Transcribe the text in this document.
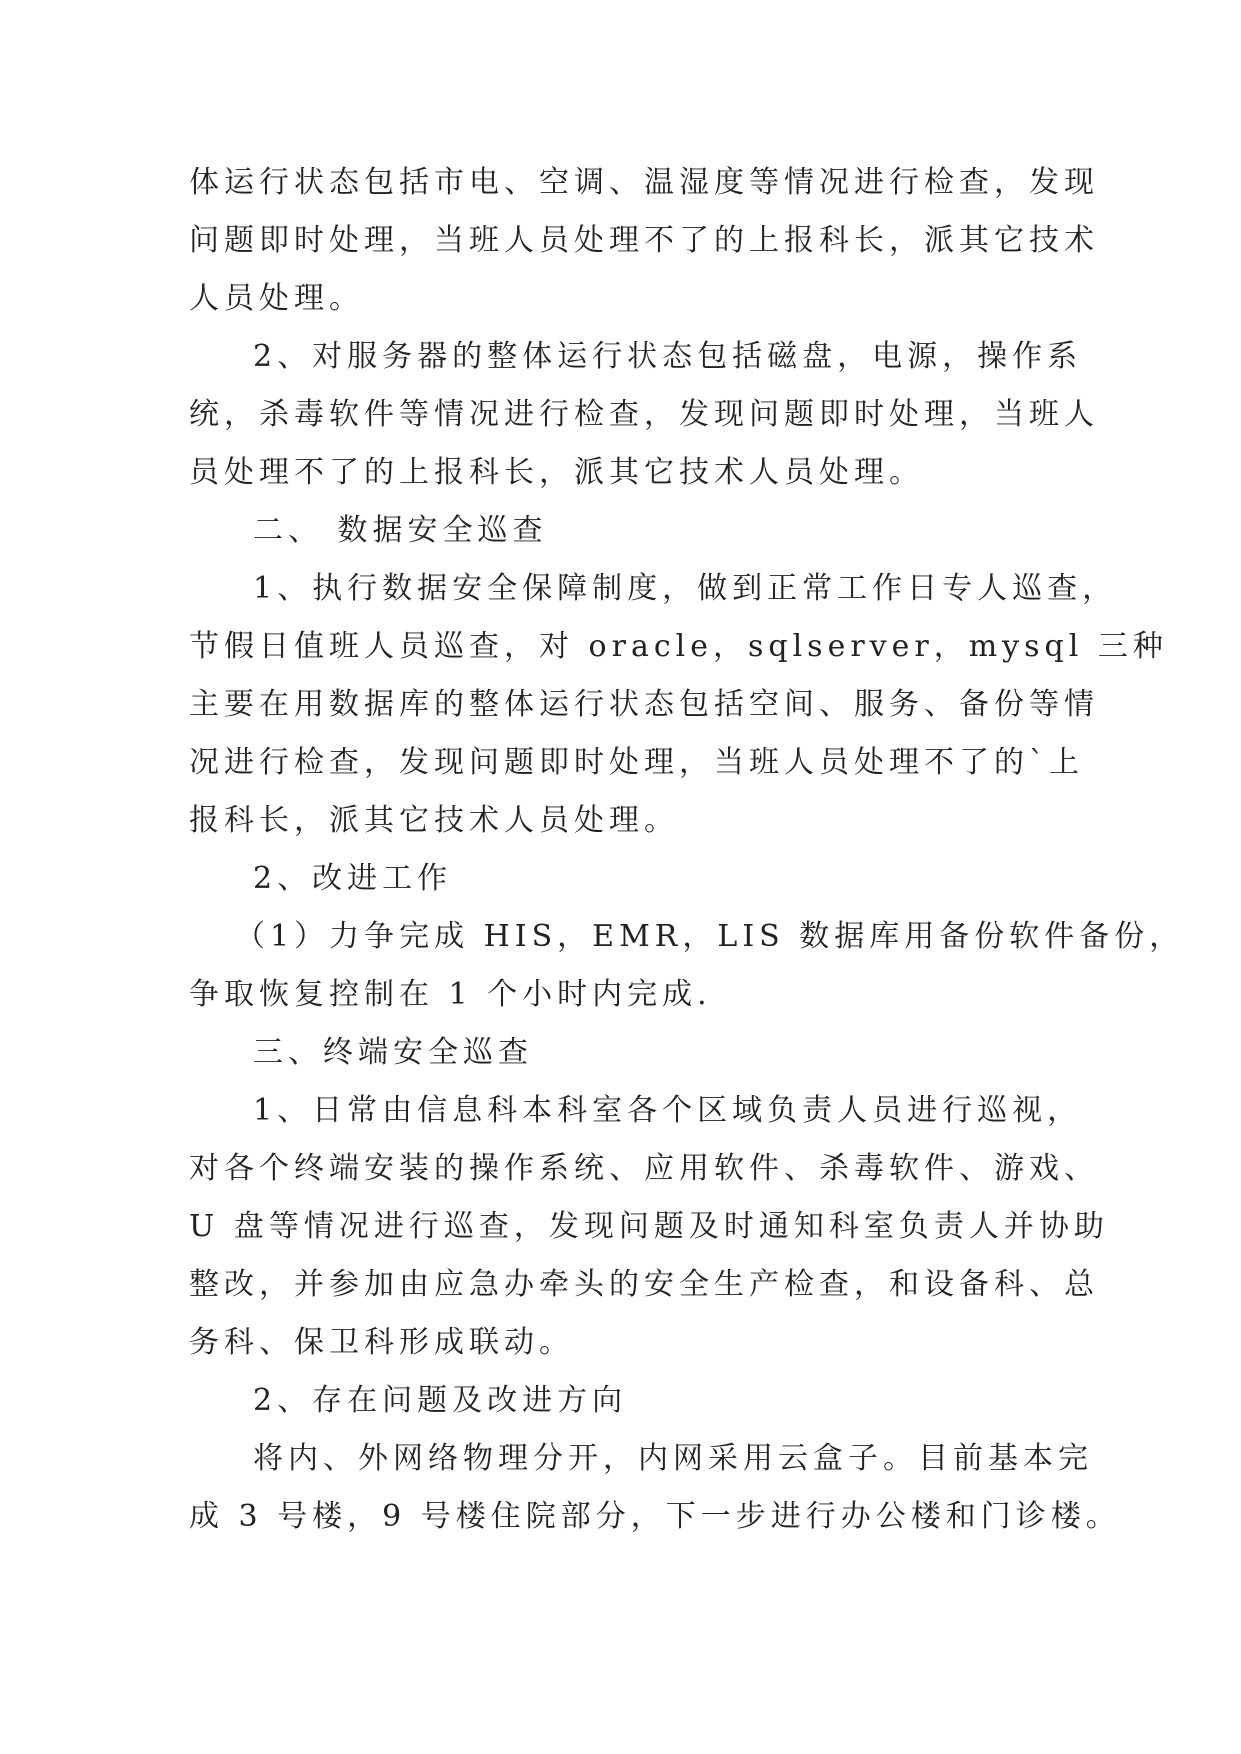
体运行状态包括市电、空调、温湿度等情况进行检查，发现
问题即时处理，当班人员处理不了的上报科长，派其它技术
人员处理。
2、对服务器的整体运行状态包括磁盘，电源，操作系
统，杀毒软件等情况进行检查，发现问题即时处理，当班人
员处理不了的上报科长，派其它技术人员处理。
二、 数据安全巡查
1、执行数据安全保障制度，做到正常工作日专人巡查，
节假日值班人员巡查，对 oracle，sqlserver，mysql 三种
主要在用数据库的整体运行状态包括空间、服务、备份等情
况进行检查，发现问题即时处理，当班人员处理不了的`上
报科长，派其它技术人员处理。
2、改进工作
（1）力争完成 HIS，EMR，LIS 数据库用备份软件备份，
争取恢复控制在 1 个小时内完成.
三、终端安全巡查
1、日常由信息科本科室各个区域负责人员进行巡视，
对各个终端安装的操作系统、应用软件、杀毒软件、游戏、
U 盘等情况进行巡查，发现问题及时通知科室负责人并协助
整改，并参加由应急办牵头的安全生产检查，和设备科、总
务科、保卫科形成联动。
2、存在问题及改进方向
将内、外网络物理分开，内网采用云盒子。目前基本完
成 3 号楼，9 号楼住院部分，下一步进行办公楼和门诊楼。
